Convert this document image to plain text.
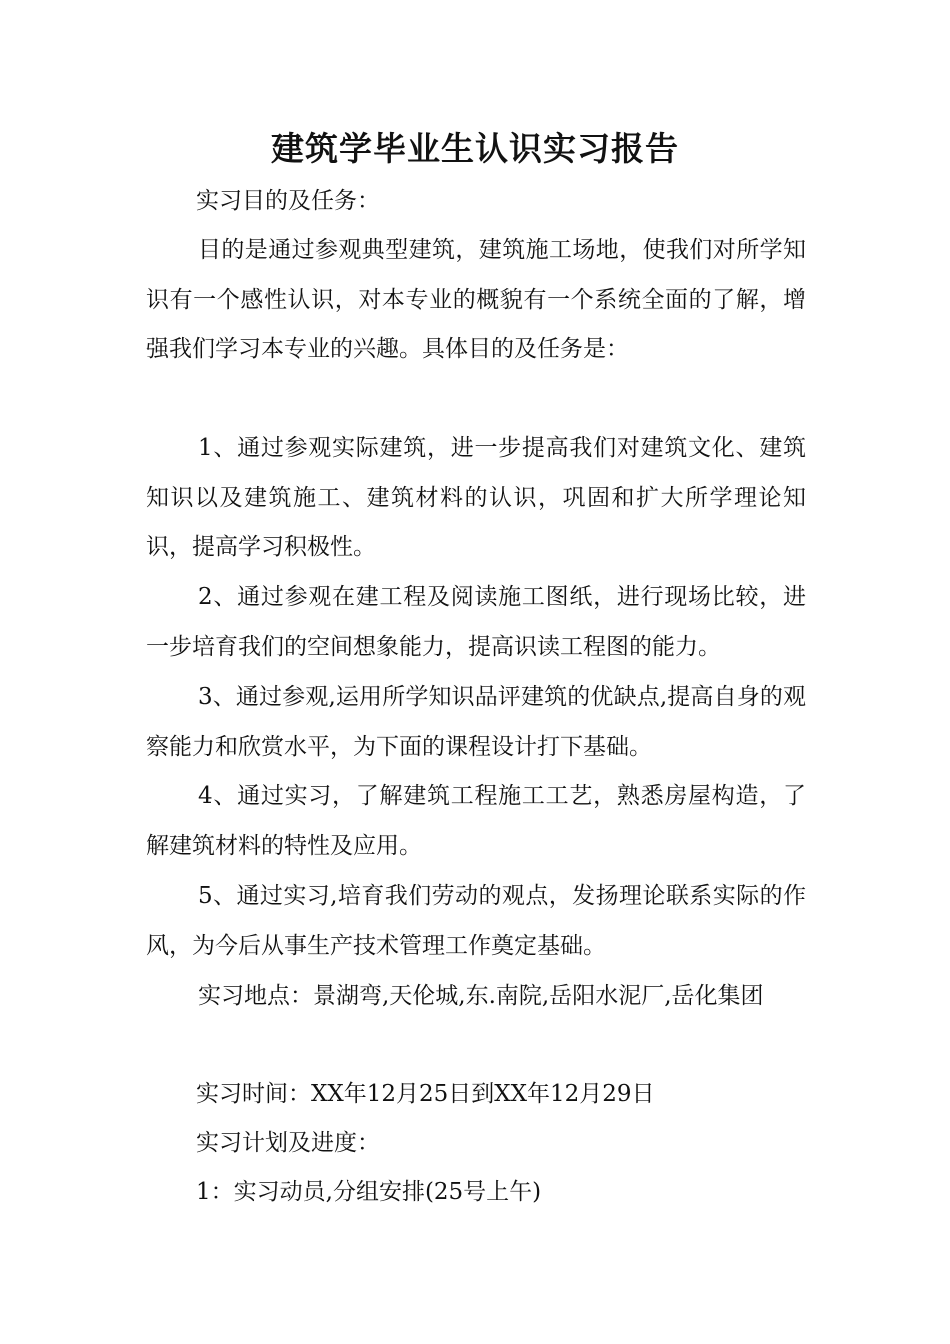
建筑学毕业生认识实习报告

实习目的及任务：

目的是通过参观典型建筑，建筑施工场地，使我们对所学知识有一个感性认识，对本专业的概貌有一个系统全面的了解，增强我们学习本专业的兴趣。具体目的及任务是：

1、通过参观实际建筑，进一步提高我们对建筑文化、建筑知识以及建筑施工、建筑材料的认识，巩固和扩大所学理论知识，提高学习积极性。

2、通过参观在建工程及阅读施工图纸，进行现场比较，进一步培育我们的空间想象能力，提高识读工程图的能力。

3、通过参观,运用所学知识品评建筑的优缺点,提高自身的观察能力和欣赏水平，为下面的课程设计打下基础。

4、通过实习，了解建筑工程施工工艺，熟悉房屋构造，了解建筑材料的特性及应用。

5、通过实习,培育我们劳动的观点，发扬理论联系实际的作风，为今后从事生产技术管理工作奠定基础。

实习地点：景湖弯,天伦城,东.南院,岳阳水泥厂,岳化集团

实习时间：XX年12月25日到XX年12月29日

实习计划及进度：

1：实习动员,分组安排(25号上午)
